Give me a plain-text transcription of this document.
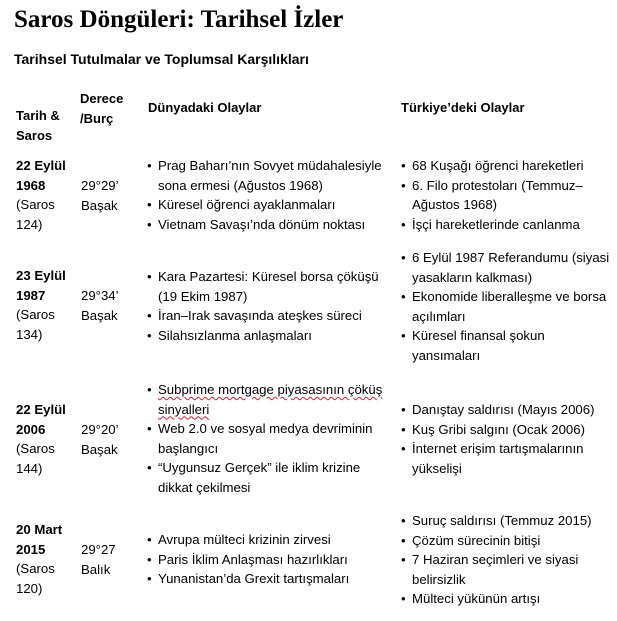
Saros Döngüleri: Tarihsel İzler
Tarihsel Tutulmalar ve Toplumsal Karşılıkları
Tarih &
Saros
Derece
/Burç
Dünyadaki Olaylar	Türkiye’deki Olaylar
22 Eylül
1968
(Saros
124)
29°29’
Başak
• Prag Baharı’nın Sovyet müdahalesiyle sona ermesi (Ağustos 1968)
• Küresel öğrenci ayaklanmaları
• Vietnam Savaşı’nda dönüm noktası
• 68 Kuşağı öğrenci hareketleri
• 6. Filo protestoları (Temmuz–Ağustos 1968)
• İşçi hareketlerinde canlanma
23 Eylül
1987
(Saros
134)
29°34’
Başak
• Kara Pazartesi: Küresel borsa çöküşü (19 Ekim 1987)
• İran–Irak savaşında ateşkes süreci
• Silahsızlanma anlaşmaları
• 6 Eylül 1987 Referandumu (siyasi yasakların kalkması)
• Ekonomide liberalleşme ve borsa açılımları
• Küresel finansal şokun yansımaları
22 Eylül
2006
(Saros
144)
29°20’
Başak
• Subprime mortgage piyasasının çöküş sinyalleri
• Web 2.0 ve sosyal medya devriminin başlangıcı
• “Uygunsuz Gerçek” ile iklim krizine dikkat çekilmesi
• Danıştay saldırısı (Mayıs 2006)
• Kuş Gribi salgını (Ocak 2006)
• İnternet erişim tartışmalarının yükselişi
20 Mart
2015
(Saros
120)
29°27
Balık
• Avrupa mülteci krizinin zirvesi
• Paris İklim Anlaşması hazırlıkları
• Yunanistan’da Grexit tartışmaları
• Suruç saldırısı (Temmuz 2015)
• Çözüm sürecinin bitişi
• 7 Haziran seçimleri ve siyasi belirsizlik
• Mülteci yükünün artışı
